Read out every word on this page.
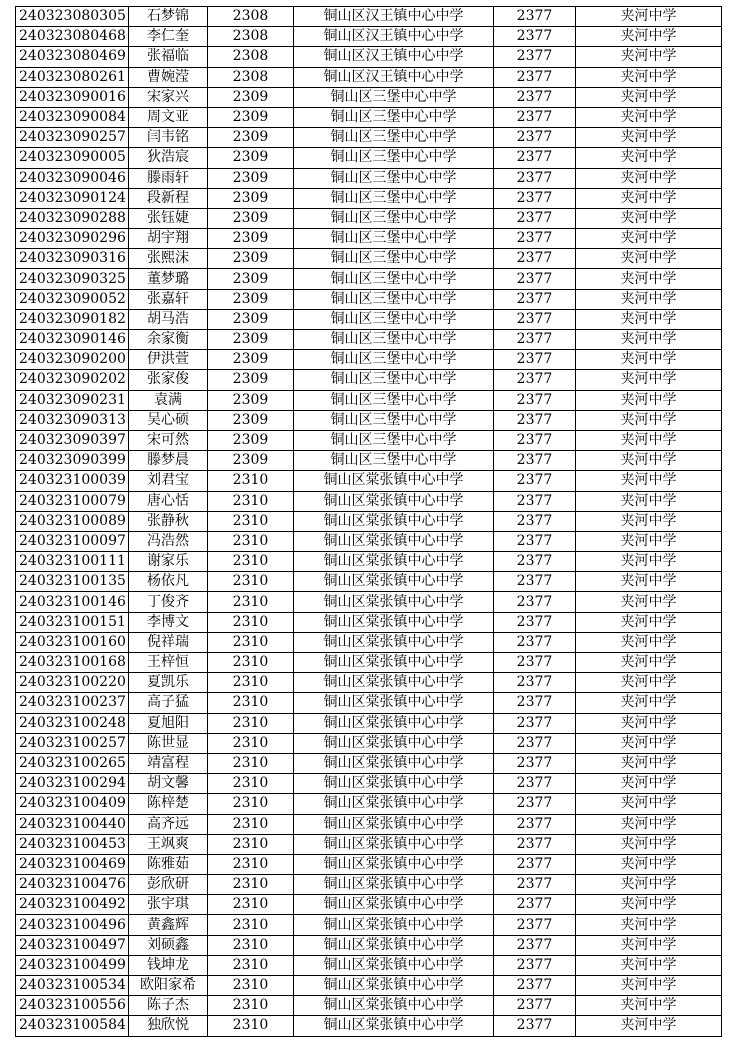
240323080305	石梦锦	2308	铜山区汉王镇中心中学	2377	夹河中学
240323080468	李仁奎	2308	铜山区汉王镇中心中学	2377	夹河中学
240323080469	张福临	2308	铜山区汉王镇中心中学	2377	夹河中学
240323080261	曹婉滢	2308	铜山区汉王镇中心中学	2377	夹河中学
240323090016	宋家兴	2309	铜山区三堡中心中学	2377	夹河中学
240323090084	周文亚	2309	铜山区三堡中心中学	2377	夹河中学
240323090257	闫韦铭	2309	铜山区三堡中心中学	2377	夹河中学
240323090005	狄浩宸	2309	铜山区三堡中心中学	2377	夹河中学
240323090046	滕雨轩	2309	铜山区三堡中心中学	2377	夹河中学
240323090124	段新程	2309	铜山区三堡中心中学	2377	夹河中学
240323090288	张钰婕	2309	铜山区三堡中心中学	2377	夹河中学
240323090296	胡宇翔	2309	铜山区三堡中心中学	2377	夹河中学
240323090316	张熙沫	2309	铜山区三堡中心中学	2377	夹河中学
240323090325	董梦璐	2309	铜山区三堡中心中学	2377	夹河中学
240323090052	张嘉轩	2309	铜山区三堡中心中学	2377	夹河中学
240323090182	胡马浩	2309	铜山区三堡中心中学	2377	夹河中学
240323090146	余家衡	2309	铜山区三堡中心中学	2377	夹河中学
240323090200	伊洪萱	2309	铜山区三堡中心中学	2377	夹河中学
240323090202	张家俊	2309	铜山区三堡中心中学	2377	夹河中学
240323090231	袁满	2309	铜山区三堡中心中学	2377	夹河中学
240323090313	吴心硕	2309	铜山区三堡中心中学	2377	夹河中学
240323090397	宋可然	2309	铜山区三堡中心中学	2377	夹河中学
240323090399	滕梦晨	2309	铜山区三堡中心中学	2377	夹河中学
240323100039	刘君宝	2310	铜山区棠张镇中心中学	2377	夹河中学
240323100079	唐心恬	2310	铜山区棠张镇中心中学	2377	夹河中学
240323100089	张静秋	2310	铜山区棠张镇中心中学	2377	夹河中学
240323100097	冯浩然	2310	铜山区棠张镇中心中学	2377	夹河中学
240323100111	谢家乐	2310	铜山区棠张镇中心中学	2377	夹河中学
240323100135	杨依凡	2310	铜山区棠张镇中心中学	2377	夹河中学
240323100146	丁俊齐	2310	铜山区棠张镇中心中学	2377	夹河中学
240323100151	李博文	2310	铜山区棠张镇中心中学	2377	夹河中学
240323100160	倪祥瑞	2310	铜山区棠张镇中心中学	2377	夹河中学
240323100168	王梓恒	2310	铜山区棠张镇中心中学	2377	夹河中学
240323100220	夏凯乐	2310	铜山区棠张镇中心中学	2377	夹河中学
240323100237	高子猛	2310	铜山区棠张镇中心中学	2377	夹河中学
240323100248	夏旭阳	2310	铜山区棠张镇中心中学	2377	夹河中学
240323100257	陈世显	2310	铜山区棠张镇中心中学	2377	夹河中学
240323100265	靖富程	2310	铜山区棠张镇中心中学	2377	夹河中学
240323100294	胡文馨	2310	铜山区棠张镇中心中学	2377	夹河中学
240323100409	陈梓楚	2310	铜山区棠张镇中心中学	2377	夹河中学
240323100440	高齐远	2310	铜山区棠张镇中心中学	2377	夹河中学
240323100453	王飒爽	2310	铜山区棠张镇中心中学	2377	夹河中学
240323100469	陈雅茹	2310	铜山区棠张镇中心中学	2377	夹河中学
240323100476	彭欣研	2310	铜山区棠张镇中心中学	2377	夹河中学
240323100492	张宇琪	2310	铜山区棠张镇中心中学	2377	夹河中学
240323100496	黄鑫辉	2310	铜山区棠张镇中心中学	2377	夹河中学
240323100497	刘硕鑫	2310	铜山区棠张镇中心中学	2377	夹河中学
240323100499	钱坤龙	2310	铜山区棠张镇中心中学	2377	夹河中学
240323100534	欧阳家希	2310	铜山区棠张镇中心中学	2377	夹河中学
240323100556	陈子杰	2310	铜山区棠张镇中心中学	2377	夹河中学
240323100584	独欣悦	2310	铜山区棠张镇中心中学	2377	夹河中学
